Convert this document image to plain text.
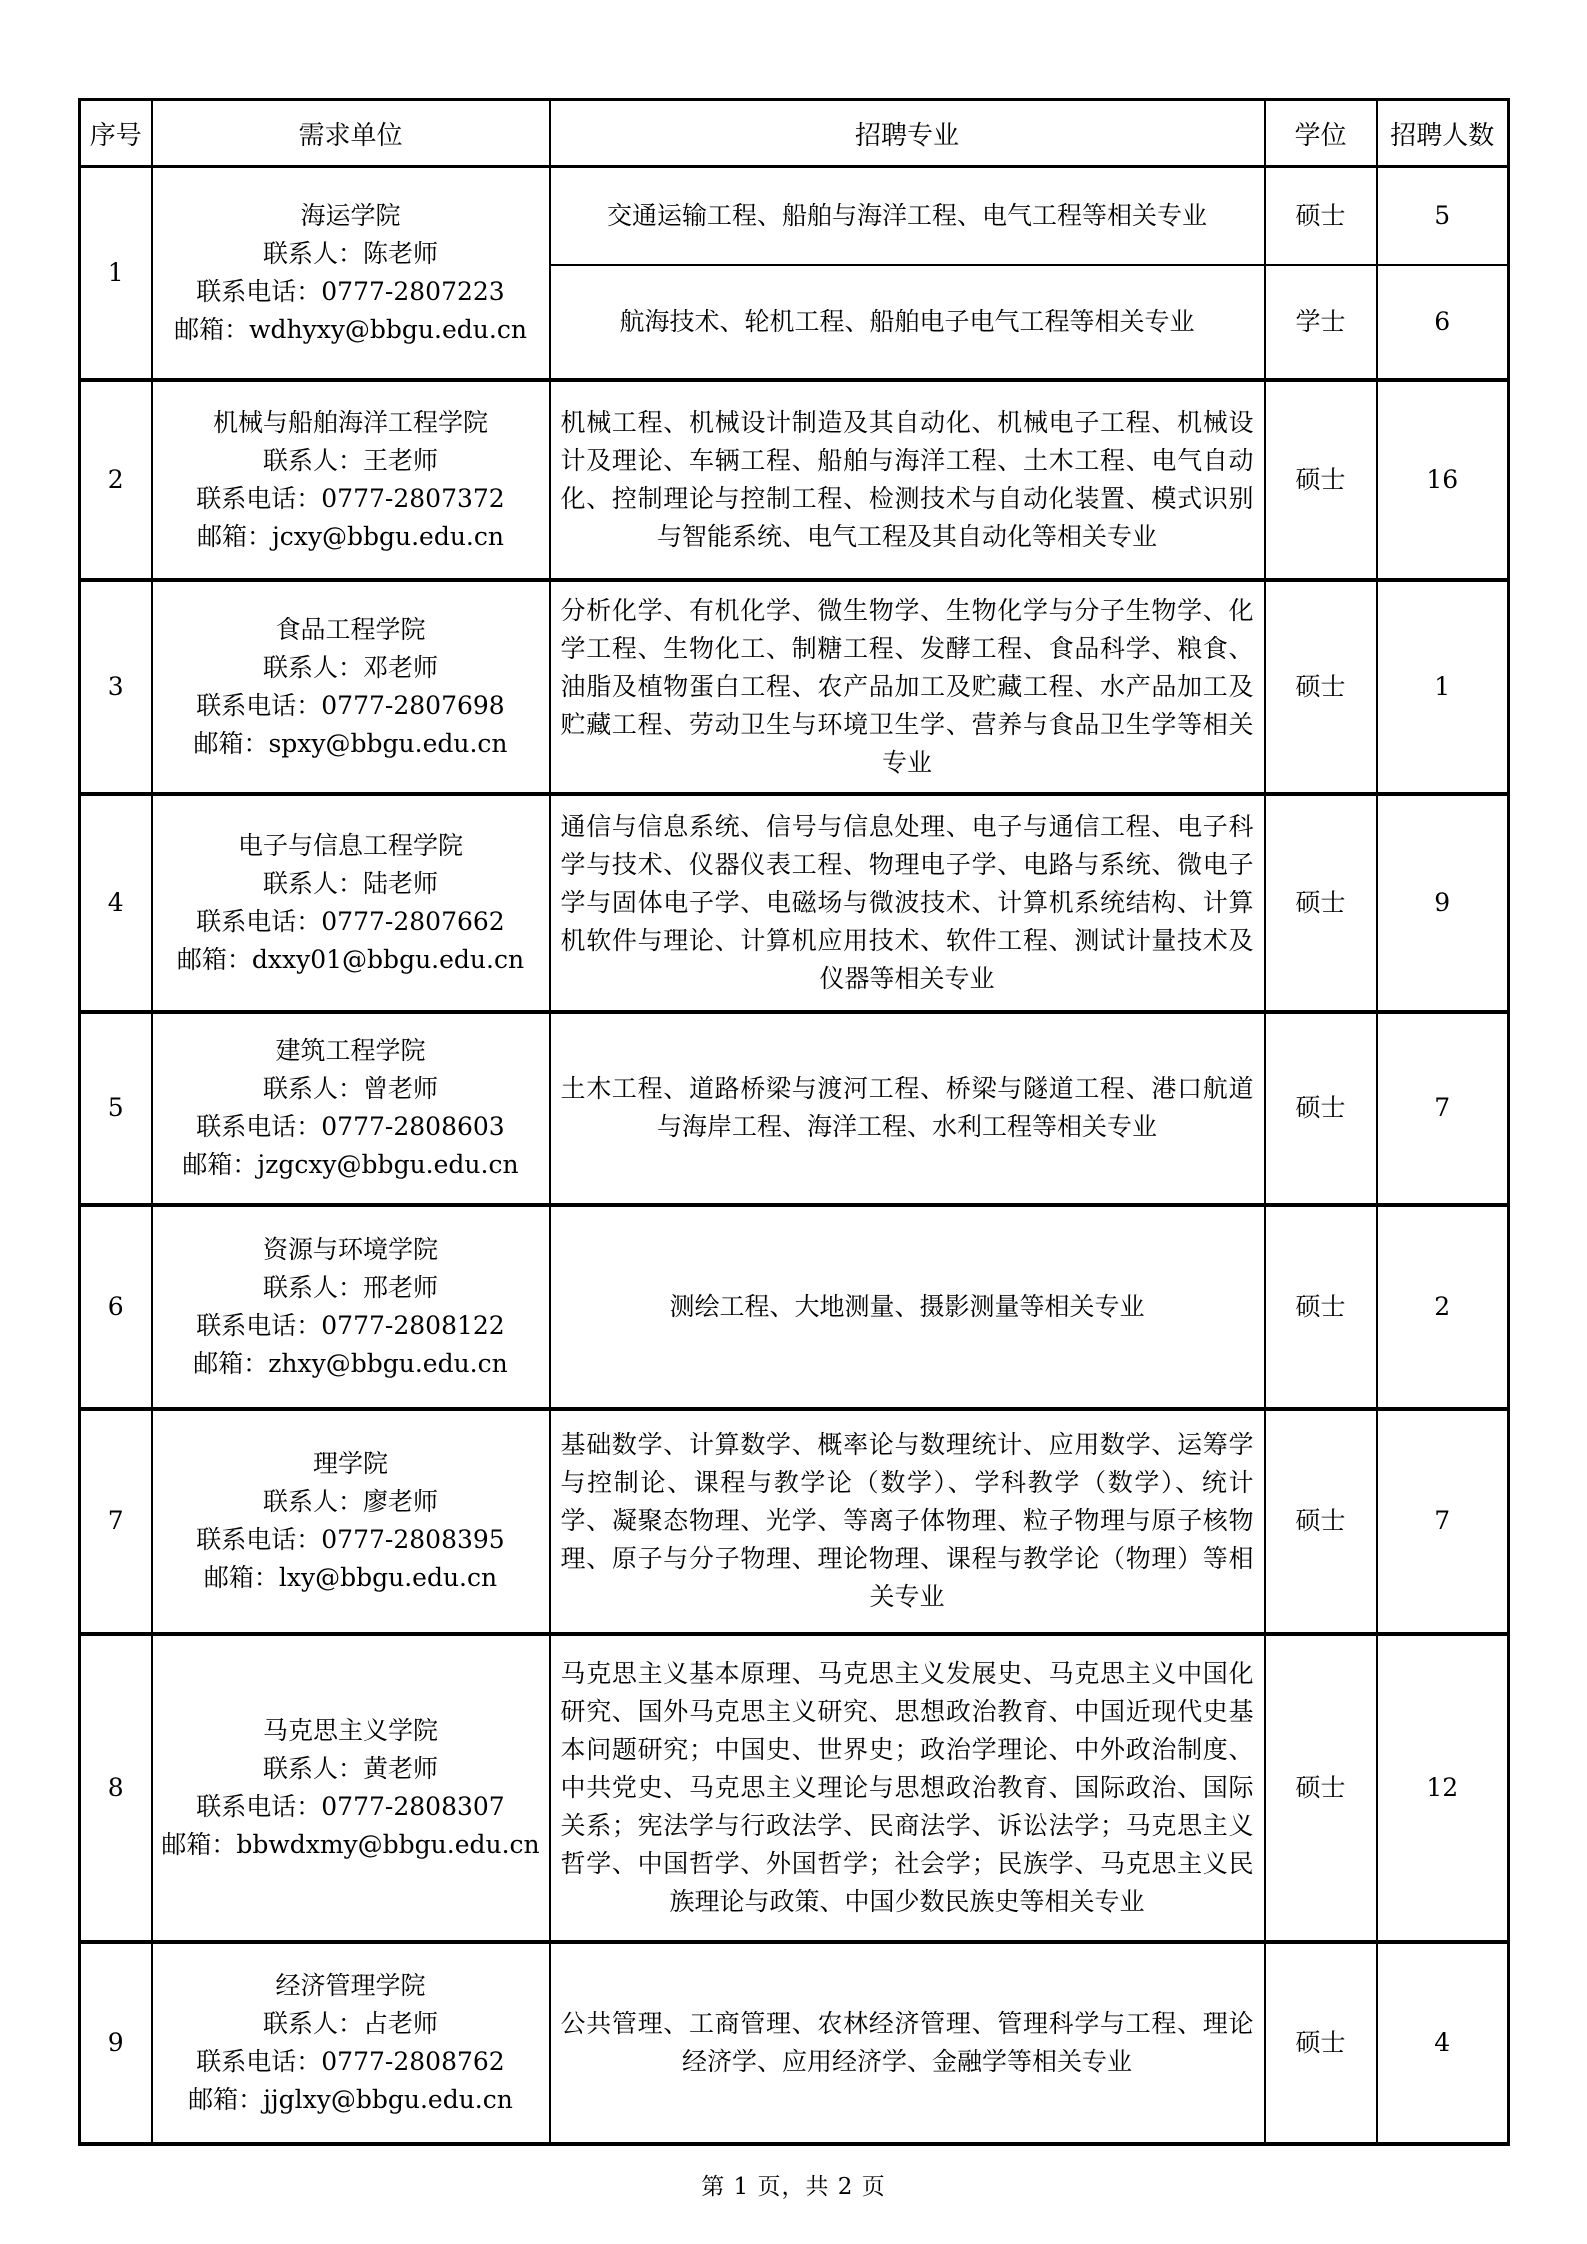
序号	需求单位	招聘专业	学位	招聘人数
1	海运学院
联系人：陈老师
联系电话：0777-2807223
邮箱：wdhyxy@bbgu.edu.cn	交通运输工程、船舶与海洋工程、电气工程等相关专业	硕士	5
		航海技术、轮机工程、船舶电子电气工程等相关专业	学士	6
2	机械与船舶海洋工程学院
联系人：王老师
联系电话：0777-2807372
邮箱：jcxy@bbgu.edu.cn	机械工程、机械设计制造及其自动化、机械电子工程、机械设计及理论、车辆工程、船舶与海洋工程、土木工程、电气自动化、控制理论与控制工程、检测技术与自动化装置、模式识别与智能系统、电气工程及其自动化等相关专业	硕士	16
3	食品工程学院
联系人：邓老师
联系电话：0777-2807698
邮箱：spxy@bbgu.edu.cn	分析化学、有机化学、微生物学、生物化学与分子生物学、化学工程、生物化工、制糖工程、发酵工程、食品科学、粮食、油脂及植物蛋白工程、农产品加工及贮藏工程、水产品加工及贮藏工程、劳动卫生与环境卫生学、营养与食品卫生学等相关专业	硕士	1
4	电子与信息工程学院
联系人：陆老师
联系电话：0777-2807662
邮箱：dxxy01@bbgu.edu.cn	通信与信息系统、信号与信息处理、电子与通信工程、电子科学与技术、仪器仪表工程、物理电子学、电路与系统、微电子学与固体电子学、电磁场与微波技术、计算机系统结构、计算机软件与理论、计算机应用技术、软件工程、测试计量技术及仪器等相关专业	硕士	9
5	建筑工程学院
联系人：曾老师
联系电话：0777-2808603
邮箱：jzgcxy@bbgu.edu.cn	土木工程、道路桥梁与渡河工程、桥梁与隧道工程、港口航道与海岸工程、海洋工程、水利工程等相关专业	硕士	7
6	资源与环境学院
联系人：邢老师
联系电话：0777-2808122
邮箱：zhxy@bbgu.edu.cn	测绘工程、大地测量、摄影测量等相关专业	硕士	2
7	理学院
联系人：廖老师
联系电话：0777-2808395
邮箱：lxy@bbgu.edu.cn	基础数学、计算数学、概率论与数理统计、应用数学、运筹学与控制论、课程与教学论（数学）、学科教学（数学）、统计学、凝聚态物理、光学、等离子体物理、粒子物理与原子核物理、原子与分子物理、理论物理、课程与教学论（物理）等相关专业	硕士	7
8	马克思主义学院
联系人：黄老师
联系电话：0777-2808307
邮箱：bbwdxmy@bbgu.edu.cn	马克思主义基本原理、马克思主义发展史、马克思主义中国化研究、国外马克思主义研究、思想政治教育、中国近现代史基本问题研究；中国史、世界史；政治学理论、中外政治制度、中共党史、马克思主义理论与思想政治教育、国际政治、国际关系；宪法学与行政法学、民商法学、诉讼法学；马克思主义哲学、中国哲学、外国哲学；社会学；民族学、马克思主义民族理论与政策、中国少数民族史等相关专业	硕士	12
9	经济管理学院
联系人：占老师
联系电话：0777-2808762
邮箱：jjglxy@bbgu.edu.cn	公共管理、工商管理、农林经济管理、管理科学与工程、理论经济学、应用经济学、金融学等相关专业	硕士	4
第 1 页，共 2 页
